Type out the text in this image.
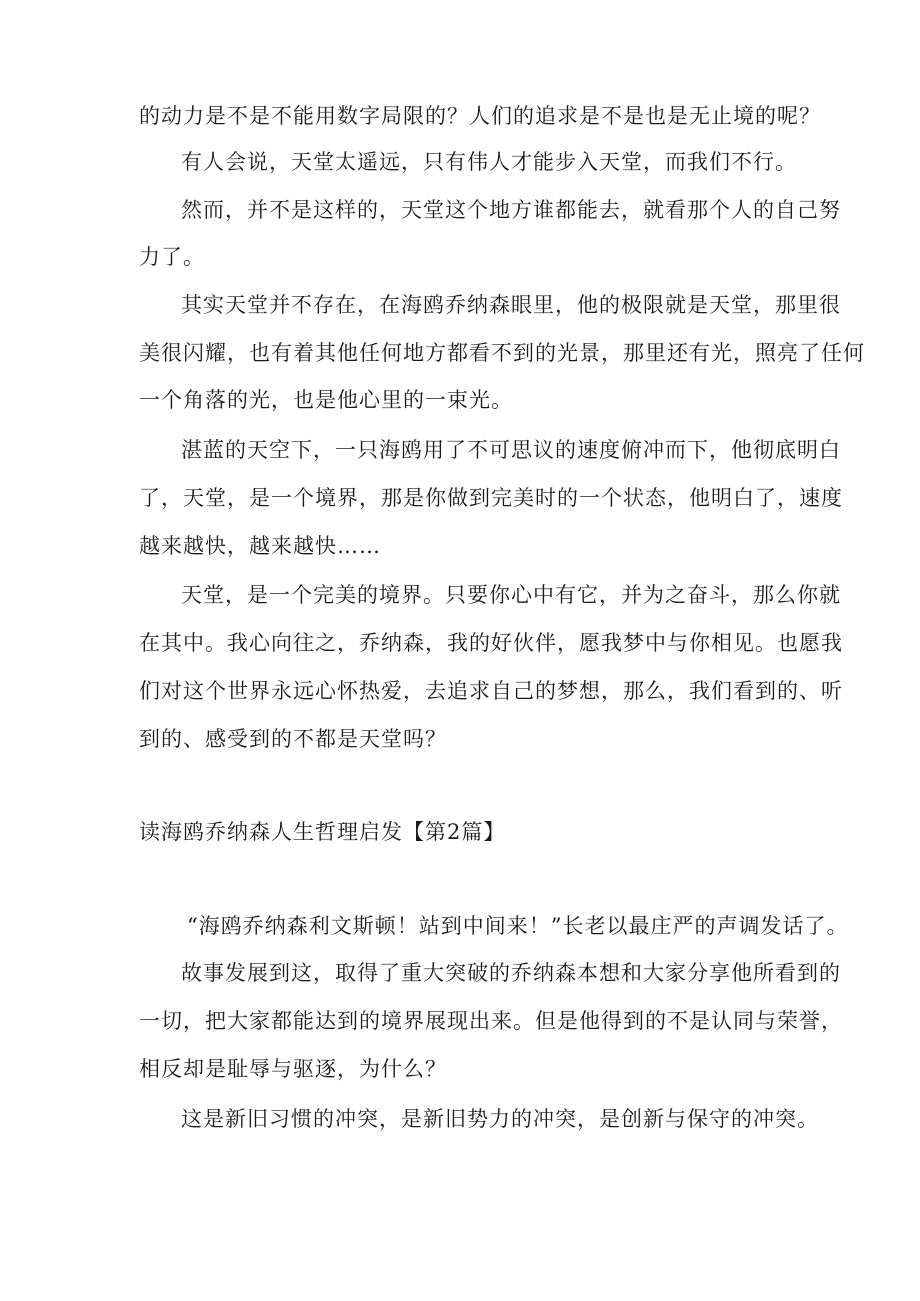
的动力是不是不能用数字局限的？人们的追求是不是也是无止境的呢？
有人会说，天堂太遥远，只有伟人才能步入天堂，而我们不行。
然而，并不是这样的，天堂这个地方谁都能去，就看那个人的自己努
力了。
其实天堂并不存在，在海鸥乔纳森眼里，他的极限就是天堂，那里很
美很闪耀，也有着其他任何地方都看不到的光景，那里还有光，照亮了任何
一个角落的光，也是他心里的一束光。
湛蓝的天空下，一只海鸥用了不可思议的速度俯冲而下，他彻底明白
了，天堂，是一个境界，那是你做到完美时的一个状态，他明白了，速度
越来越快，越来越快……
天堂，是一个完美的境界。只要你心中有它，并为之奋斗，那么你就
在其中。我心向往之，乔纳森，我的好伙伴，愿我梦中与你相见。也愿我
们对这个世界永远心怀热爱，去追求自己的梦想，那么，我们看到的、听
到的、感受到的不都是天堂吗？
读海鸥乔纳森人生哲理启发【第2篇】
“海鸥乔纳森利文斯顿！站到中间来！”长老以最庄严的声调发话了。
故事发展到这，取得了重大突破的乔纳森本想和大家分享他所看到的
一切，把大家都能达到的境界展现出来。但是他得到的不是认同与荣誉，
相反却是耻辱与驱逐，为什么？
这是新旧习惯的冲突，是新旧势力的冲突，是创新与保守的冲突。
